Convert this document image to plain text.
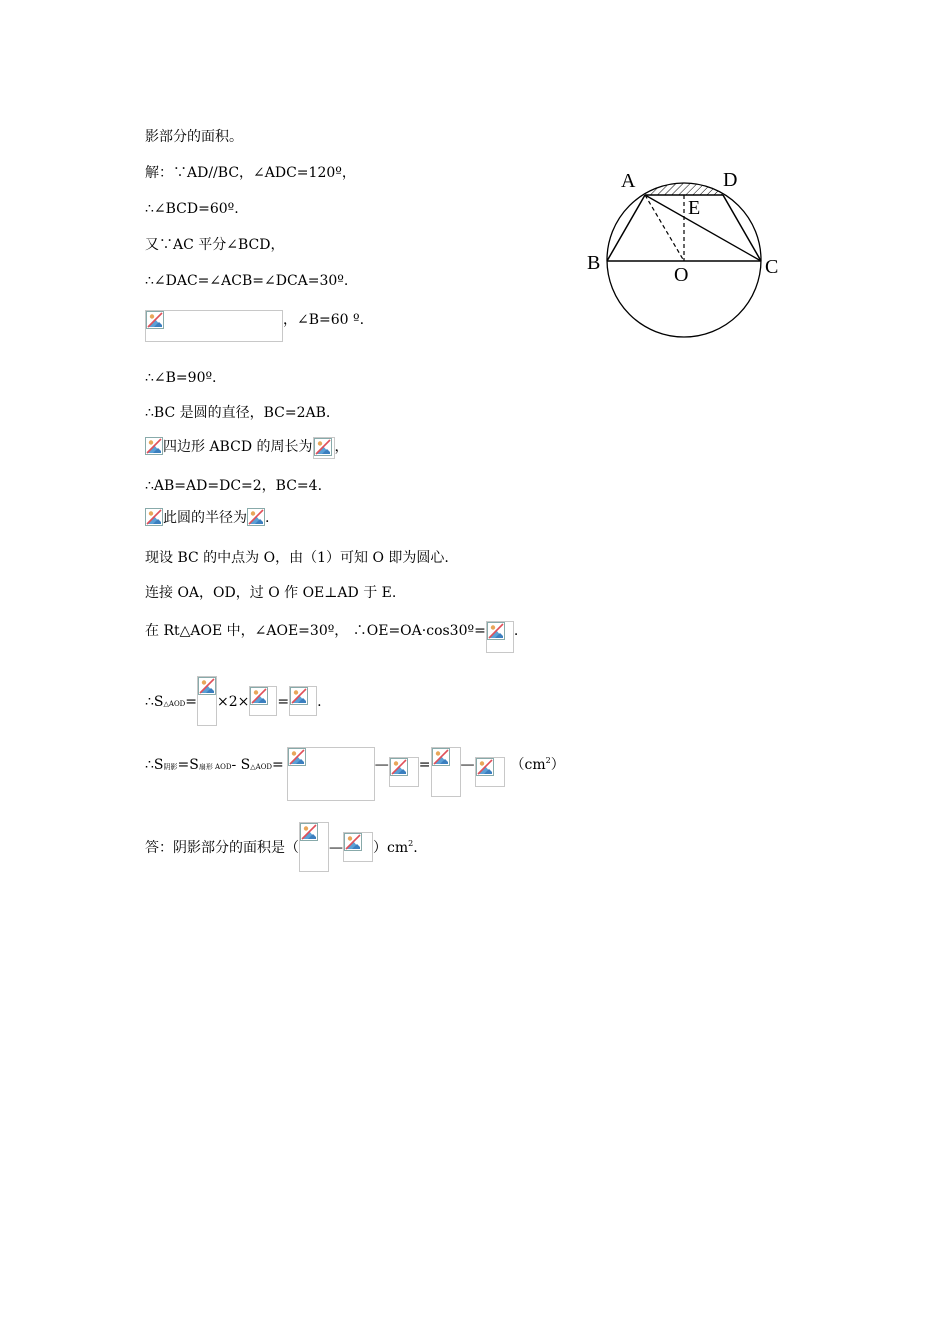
影部分的面积。
解：∵AD//BC，∠ADC=120º，
∴∠BCD=60º.
又∵AC 平分∠BCD，
∴∠DAC=∠ACB=∠DCA=30º.
，∠B=60 º.
∴∠B=90º.
∴BC 是圆的直径，BC=2AB.
四边形 ABCD 的周长为 ，
∴AB=AD=DC=2，BC=4.
此圆的半径为 .
现设 BC 的中点为 O，由（1）可知 O 即为圆心.
连接 OA，OD，过 O 作 OE⊥AD 于 E.
在 Rt△AOE 中，∠AOE=30º， ∴OE=OA·cos30º= .
∴S△AOD= ×2× = .
∴S阴影=S扇形 AOD- S△AOD=	— = —	（cm2）
答：阴影部分的面积是（ — ）cm2.
A	D
E
B	C
O
